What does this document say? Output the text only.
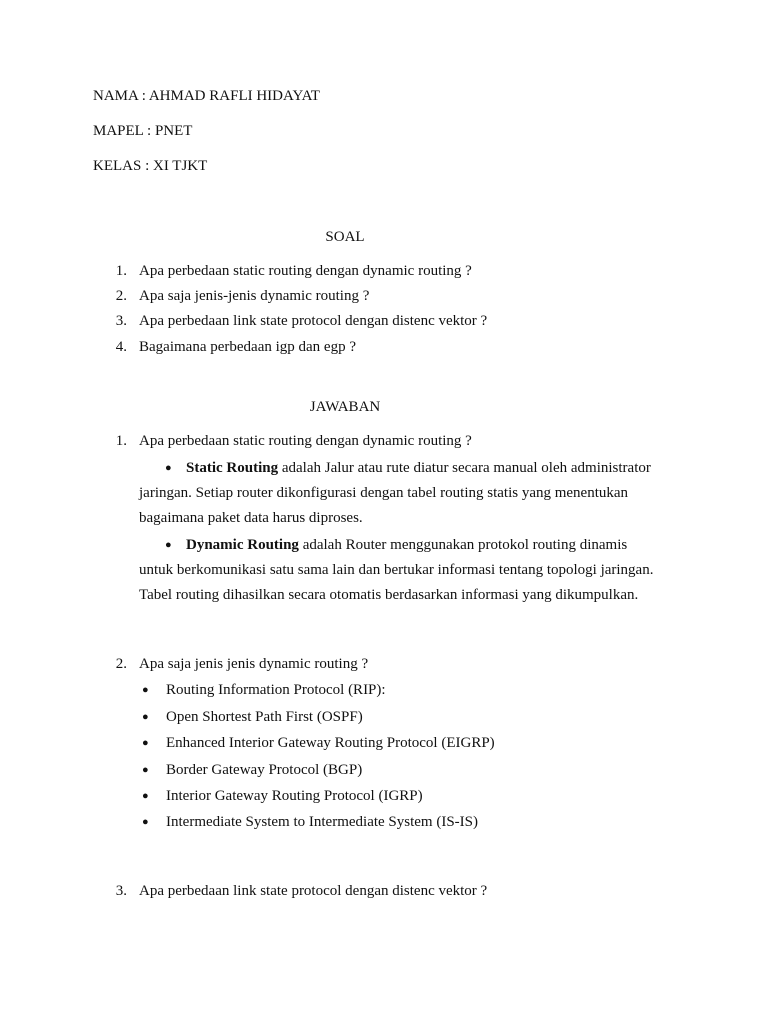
NAMA : AHMAD RAFLI HIDAYAT
MAPEL : PNET
KELAS : XI TJKT
SOAL
1. Apa perbedaan static routing dengan dynamic routing ?
2. Apa saja jenis-jenis dynamic routing ?
3. Apa perbedaan link state protocol dengan distenc vektor ?
4. Bagaimana perbedaan igp dan egp ?
JAWABAN
1. Apa perbedaan static routing dengan dynamic routing ?
● Static Routing adalah Jalur atau rute diatur secara manual oleh administrator
jaringan. Setiap router dikonfigurasi dengan tabel routing statis yang menentukan
bagaimana paket data harus diproses.
● Dynamic Routing adalah Router menggunakan protokol routing dinamis
untuk berkomunikasi satu sama lain dan bertukar informasi tentang topologi jaringan.
Tabel routing dihasilkan secara otomatis berdasarkan informasi yang dikumpulkan.
2. Apa saja jenis jenis dynamic routing ?
● Routing Information Protocol (RIP):
● Open Shortest Path First (OSPF)
● Enhanced Interior Gateway Routing Protocol (EIGRP)
● Border Gateway Protocol (BGP)
● Interior Gateway Routing Protocol (IGRP)
● Intermediate System to Intermediate System (IS-IS)
3. Apa perbedaan link state protocol dengan distenc vektor ?
